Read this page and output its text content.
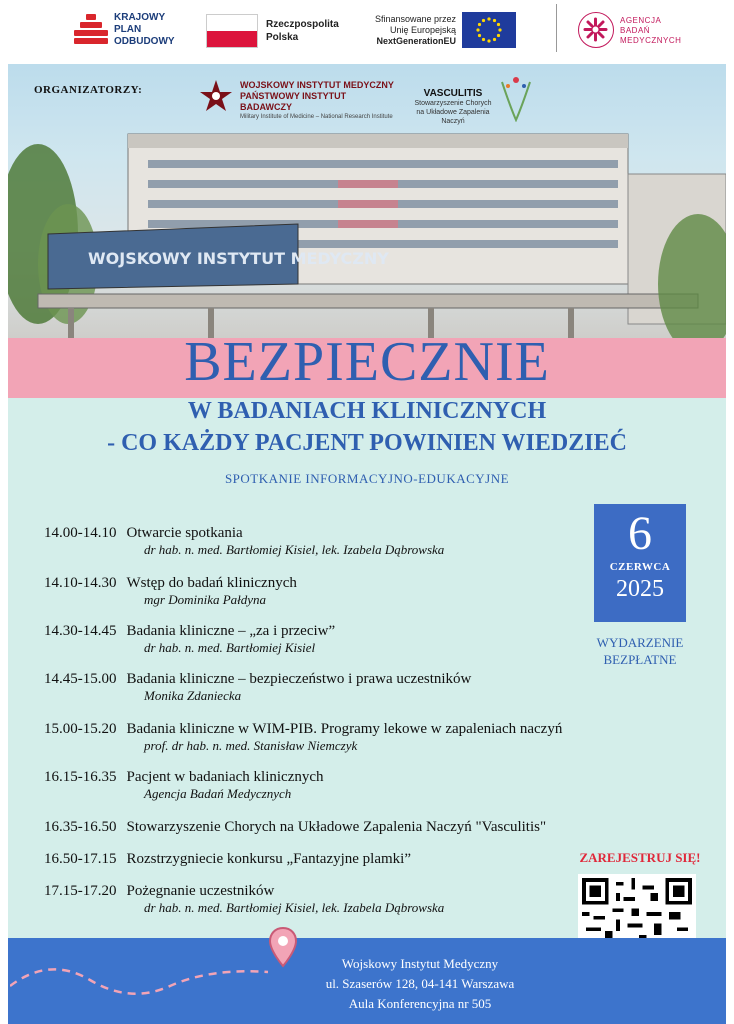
KRAJOWY
PLAN
ODBUDOWY
Rzeczpospolita
Polska
Sfinansowane przez
Unię Europejską
NextGenerationEU
AGENCJA
BADAŃ
MEDYCZNYCH
ORGANIZATORZY:	WOJSKOWY INSTYTUT MEDYCZNY
PAŃSTWOWY INSTYTUT BADAWCZY
Military Institute of Medicine – National Research Institute
VASCULITIS
Stowarzyszenie Chorych
na Układowe Zapalenia Naczyń
WOJSKOWY INSTYTUT MEDYCZNY
BEZPIECZNIE
W BADANIACH KLINICZNYCH
- CO KAŻDY PACJENT POWINIEN WIEDZIEĆ
SPOTKANIE INFORMACYJNO-EDUKACYJNE
14.00-14.10 Otwarcie spotkania
dr hab. n. med. Bartłomiej Kisiel, lek. Izabela Dąbrowska
14.10-14.30 Wstęp do badań klinicznych
mgr Dominika Pałdyna
14.30-14.45 Badania kliniczne – „za i przeciw”
dr hab. n. med. Bartłomiej Kisiel
14.45-15.00 Badania kliniczne – bezpieczeństwo i prawa uczestników
Monika Zdaniecka
15.00-15.20 Badania kliniczne w WIM-PIB. Programy lekowe w zapaleniach naczyń
prof. dr hab. n. med. Stanisław Niemczyk
16.15-16.35 Pacjent w badaniach klinicznych
Agencja Badań Medycznych
16.35-16.50 Stowarzyszenie Chorych na Układowe Zapalenia Naczyń "Vasculitis"
16.50-17.15 Rozstrzygniecie konkursu „Fantazyjne plamki”
17.15-17.20 Pożegnanie uczestników
dr hab. n. med. Bartłomiej Kisiel, lek. Izabela Dąbrowska
6
CZERWCA
2025
WYDARZENIE
BEZPŁATNE
ZAREJESTRUJ SIĘ!
Wojskowy Instytut Medyczny
ul. Szaserów 128, 04-141 Warszawa
Aula Konferencyjna nr 505
